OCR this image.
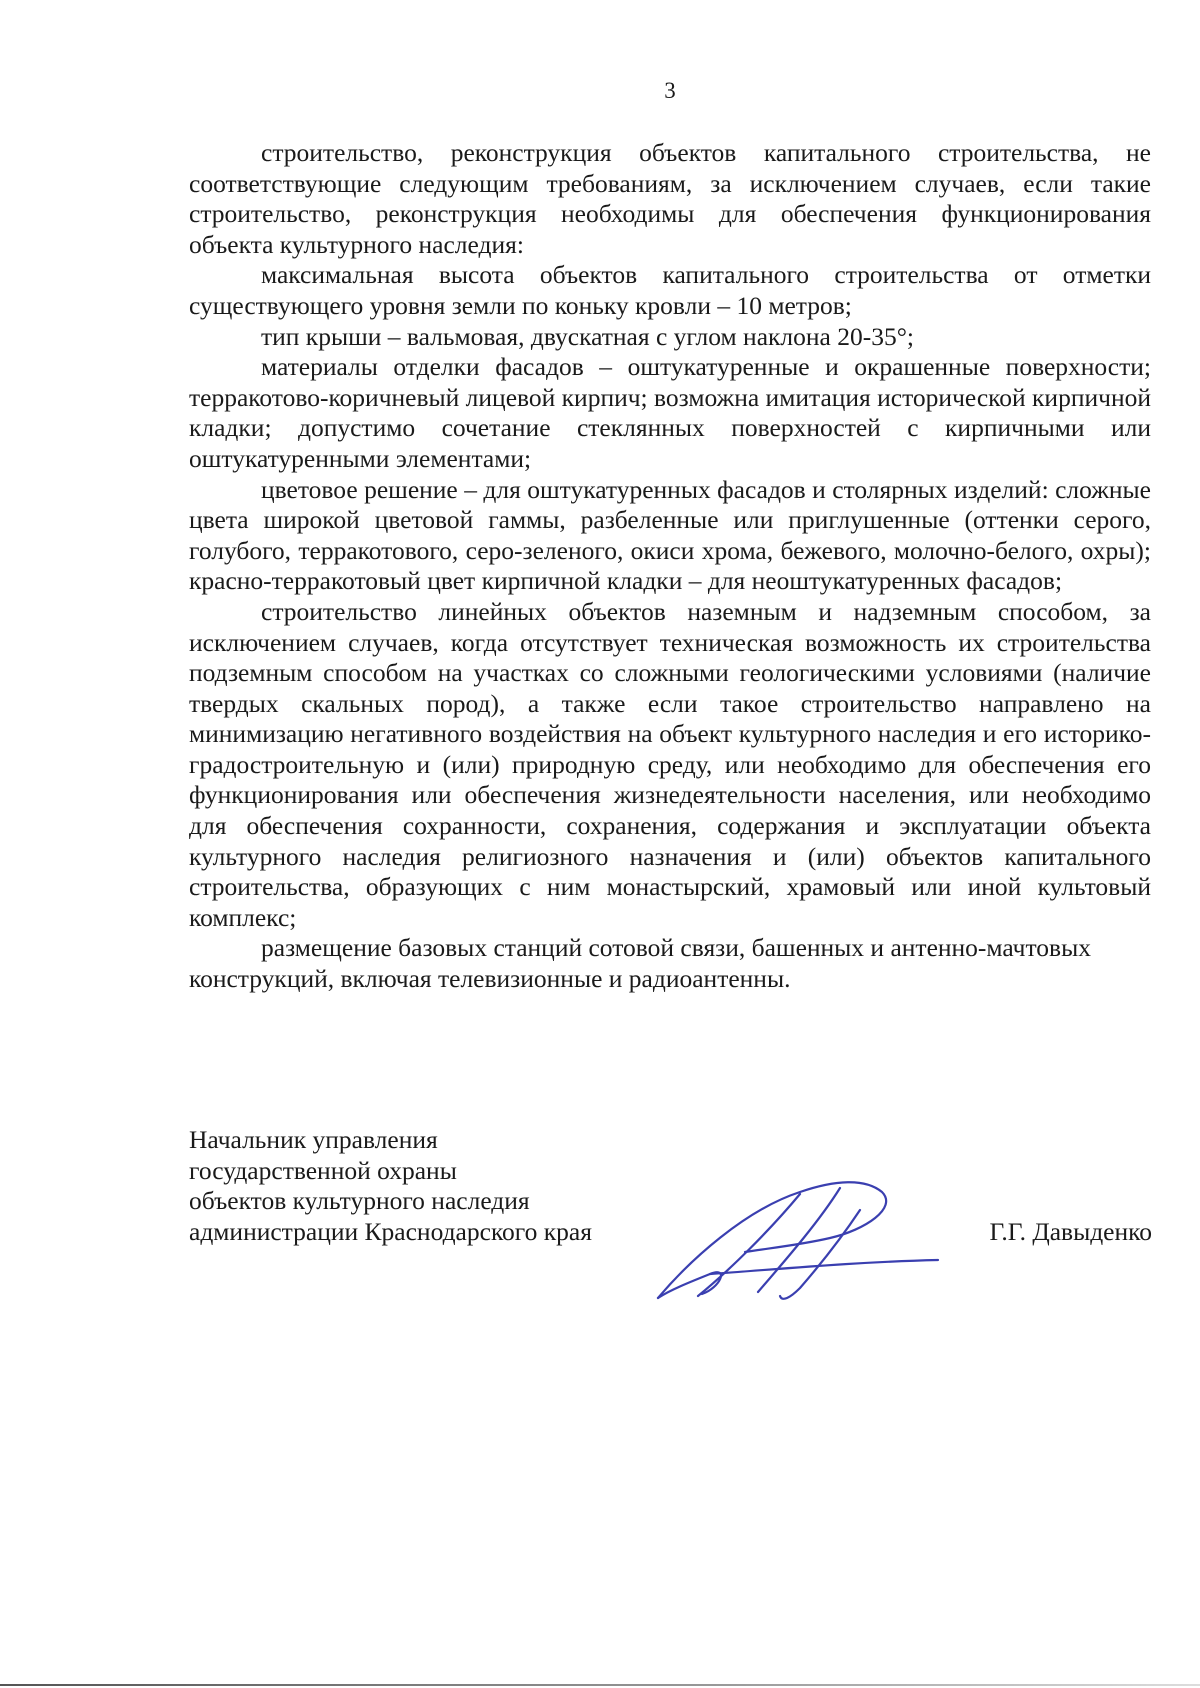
3

строительство, реконструкция объектов капитального строительства, не соответствующие следующим требованиям, за исключением случаев, если такие строительство, реконструкция необходимы для обеспечения функционирования объекта культурного наследия:

максимальная высота объектов капитального строительства от отметки существующего уровня земли по коньку кровли – 10 метров;

тип крыши – вальмовая, двускатная с углом наклона 20-35°;

материалы отделки фасадов – оштукатуренные и окрашенные поверхности; терракотово-коричневый лицевой кирпич; возможна имитация исторической кирпичной кладки; допустимо сочетание стеклянных поверхностей с кирпичными или оштукатуренными элементами;

цветовое решение – для оштукатуренных фасадов и столярных изделий: сложные цвета широкой цветовой гаммы, разбеленные или приглушенные (оттенки серого, голубого, терракотового, серо-зеленого, окиси хрома, бежевого, молочно-белого, охры); красно-терракотовый цвет кирпичной кладки – для неоштукатуренных фасадов;

строительство линейных объектов наземным и надземным способом, за исключением случаев, когда отсутствует техническая возможность их строительства подземным способом на участках со сложными геологическими условиями (наличие твердых скальных пород), а также если такое строительство направлено на минимизацию негативного воздействия на объект культурного наследия и его историко-градостроительную и (или) природную среду, или необходимо для обеспечения его функционирования или обеспечения жизнедеятельности населения, или необходимо для обеспечения сохранности, сохранения, содержания и эксплуатации объекта культурного наследия религиозного назначения и (или) объектов капитального строительства, образующих с ним монастырский, храмовый или иной культовый комплекс;

размещение базовых станций сотовой связи, башенных и антенно-мачтовых конструкций, включая телевизионные и радиоантенны.

Начальник управления
государственной охраны
объектов культурного наследия
администрации Краснодарского края	Г.Г. Давыденко
